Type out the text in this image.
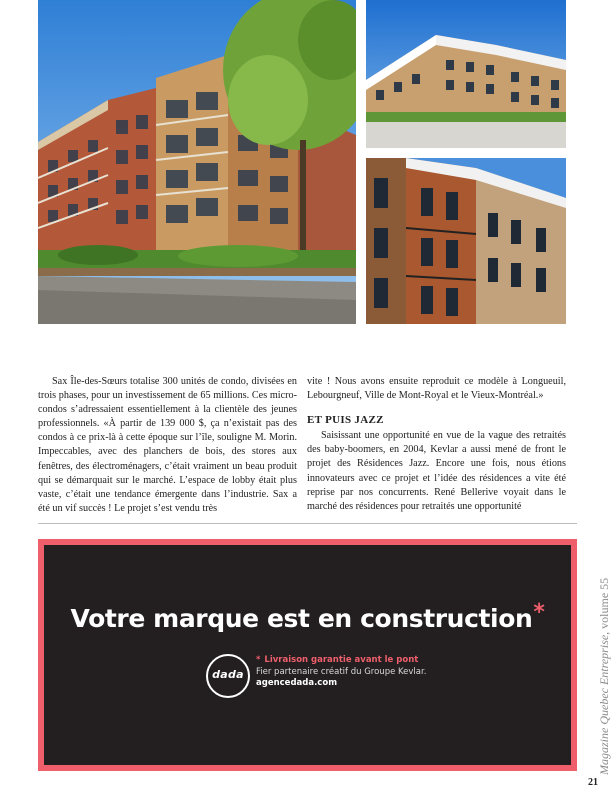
Sax Île-des-Sœurs totalise 300 unités de condo, divisées en trois phases, pour un investissement de 65 millions. Ces micro-condos s’adressaient essentiellement à la clientèle des jeunes professionnels. «À partir de 139 000 $, ça n’existait pas des condos à ce prix-là à cette époque sur l’île, souligne M. Morin. Impeccables, avec des planchers de bois, des stores aux fenêtres, des électroménagers, c’était vraiment un beau produit qui se démarquait sur le marché. L’espace de lobby était plus vaste, c’était une tendance émergente dans l’industrie. Sax a été un vif succès ! Le projet s’est vendu très

vite ! Nous avons ensuite reproduit ce modèle à Longueuil, Lebourgneuf, Ville de Mont-Royal et le Vieux-Montréal.»

ET PUIS JAZZ

Saisissant une opportunité en vue de la vague des retraités des baby-boomers, en 2004, Kevlar a aussi mené de front le projet des Résidences Jazz. Encore une fois, nous étions innovateurs avec ce projet et l’idée des résidences a vite été reprise par nos concurrents. René Bellerive voyait dans le marché des résidences pour retraités une opportunité

Votre marque est en construction*
dada
* Livraison garantie avant le pont
Fier partenaire créatif du Groupe Kevlar.
agencedada.com	Magazine Quebec Entreprise, volume 55
21
